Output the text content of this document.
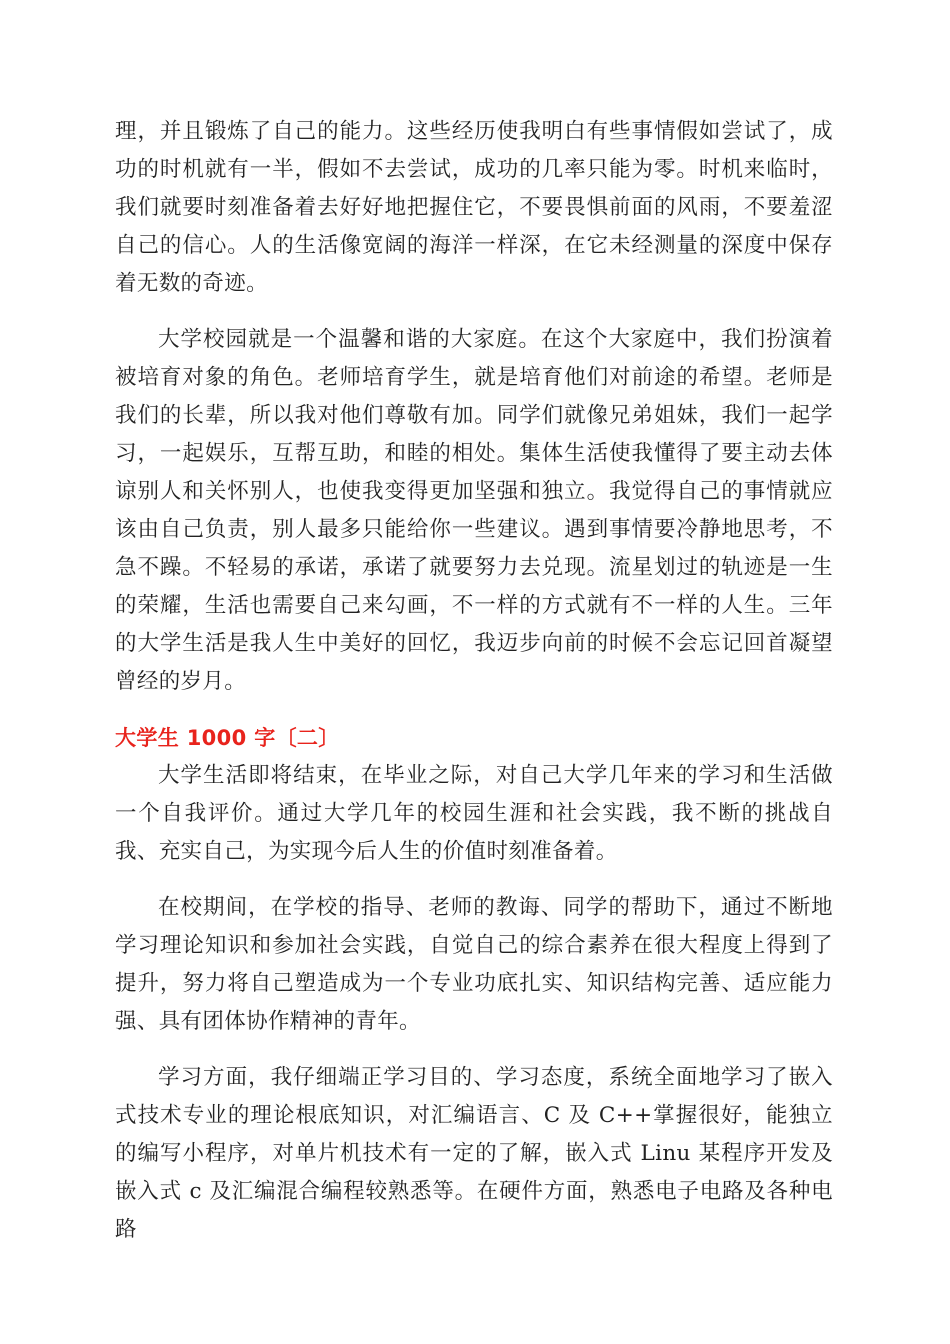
理，并且锻炼了自己的能力。这些经历使我明白有些事情假如尝试了，成功的时机就有一半，假如不去尝试，成功的几率只能为零。时机来临时，我们就要时刻准备着去好好地把握住它，不要畏惧前面的风雨，不要羞涩自己的信心。人的生活像宽阔的海洋一样深，在它未经测量的深度中保存着无数的奇迹。

大学校园就是一个温馨和谐的大家庭。在这个大家庭中，我们扮演着被培育对象的角色。老师培育学生，就是培育他们对前途的希望。老师是我们的长辈，所以我对他们尊敬有加。同学们就像兄弟姐妹，我们一起学习，一起娱乐，互帮互助，和睦的相处。集体生活使我懂得了要主动去体谅别人和关怀别人，也使我变得更加坚强和独立。我觉得自己的事情就应该由自己负责，别人最多只能给你一些建议。遇到事情要冷静地思考，不急不躁。不轻易的承诺，承诺了就要努力去兑现。流星划过的轨迹是一生的荣耀，生活也需要自己来勾画，不一样的方式就有不一样的人生。三年的大学生活是我人生中美好的回忆，我迈步向前的时候不会忘记回首凝望曾经的岁月。

大学生 1000 字〔二〕

大学生活即将结束，在毕业之际，对自己大学几年来的学习和生活做一个自我评价。通过大学几年的校园生涯和社会实践，我不断的挑战自我、充实自己，为实现今后人生的价值时刻准备着。

在校期间，在学校的指导、老师的教诲、同学的帮助下，通过不断地学习理论知识和参加社会实践，自觉自己的综合素养在很大程度上得到了提升，努力将自己塑造成为一个专业功底扎实、知识结构完善、适应能力强、具有团体协作精神的青年。

学习方面，我仔细端正学习目的、学习态度，系统全面地学习了嵌入式技术专业的理论根底知识，对汇编语言、C 及 C++掌握很好，能独立的编写小程序，对单片机技术有一定的了解，嵌入式 Linu 某程序开发及嵌入式 c 及汇编混合编程较熟悉等。在硬件方面，熟悉电子电路及各种电路
